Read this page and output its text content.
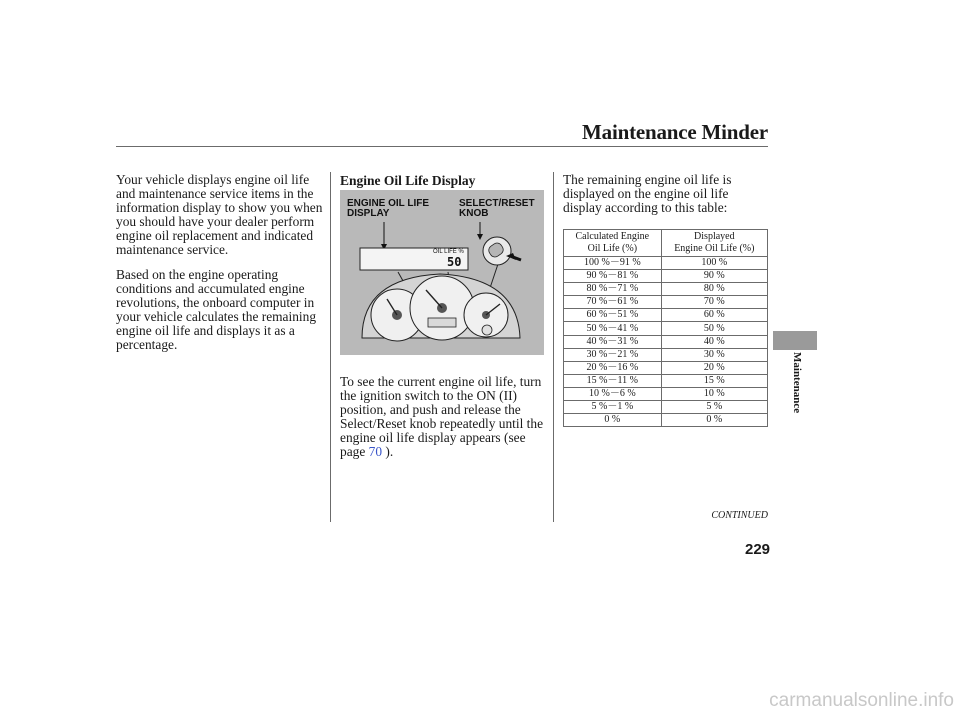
Maintenance Minder
Maintenance

Your vehicle displays engine oil life and maintenance service items in the information display to show you when you should have your dealer perform engine oil replacement and indicated maintenance service.

Based on the engine operating conditions and accumulated engine revolutions, the onboard computer in your vehicle calculates the remaining engine oil life and displays it as a percentage.

Engine Oil Life Display
ENGINE OIL LIFE
DISPLAY
SELECT/RESET
KNOB
OIL LIFE %
50
To see the current engine oil life, turn the ignition switch to the ON (II) position, and push and release the Select/Reset knob repeatedly until the engine oil life display appears (see page 70 ).
The remaining engine oil life is displayed on the engine oil life display according to this table:
Calculated Engine
Oil Life (%)	Displayed
Engine Oil Life (%)
100 %－91 %	100 %
90 %－81 %	90 %
80 %－71 %	80 %
70 %－61 %	70 %
60 %－51 %	60 %
50 %－41 %	50 %
40 %－31 %	40 %
30 %－21 %	30 %
20 %－16 %	20 %
15 %－11 %	15 %
10 %－6 %	10 %
5 %－1 %	5 %
0 %	0 %
CONTINUED
229
carmanualsonline.info
